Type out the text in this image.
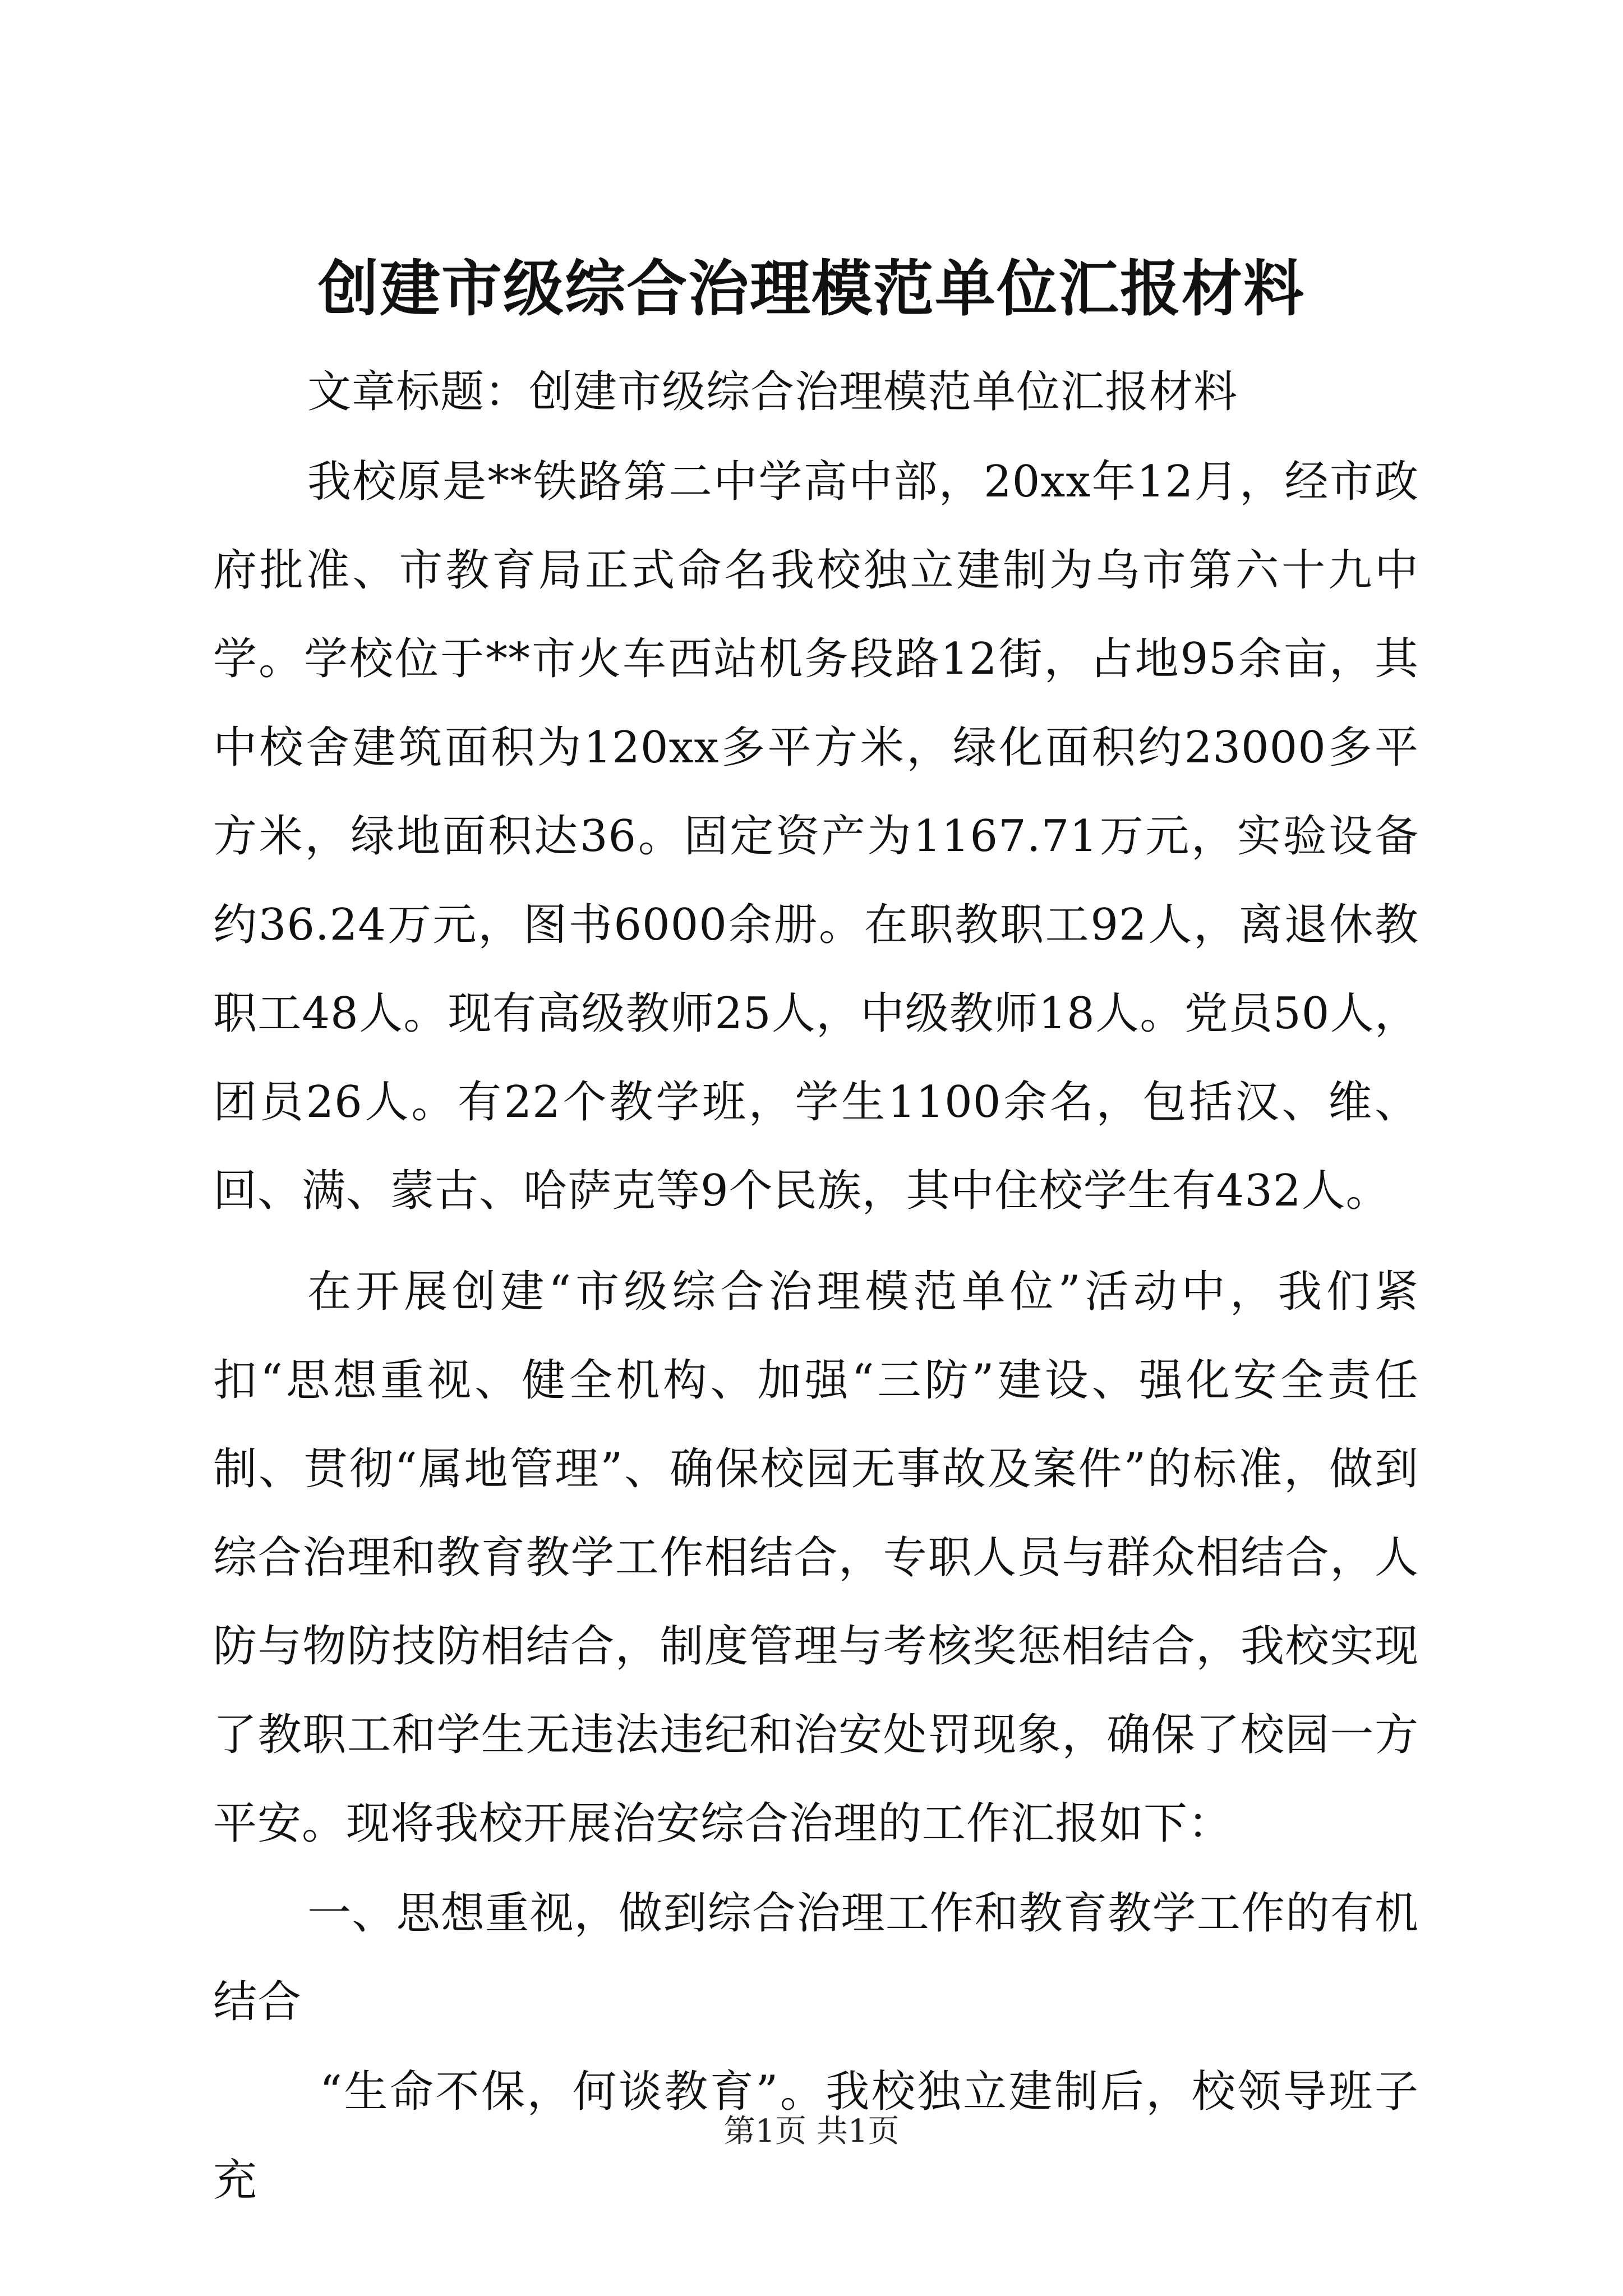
创建市级综合治理模范单位汇报材料

文章标题：创建市级综合治理模范单位汇报材料

我校原是**铁路第二中学高中部，20xx年12月，经市政府批准、市教育局正式命名我校独立建制为乌市第六十九中学。学校位于**市火车西站机务段路12街，占地95余亩，其中校舍建筑面积为120xx多平方米，绿化面积约23000多平方米，绿地面积达36。固定资产为1167.71万元，实验设备约36.24万元，图书6000余册。在职教职工92人，离退休教职工48人。现有高级教师25人，中级教师18人。党员50人，团员26人。有22个教学班，学生1100余名，包括汉、维、回、满、蒙古、哈萨克等9个民族，其中住校学生有432人。

在开展创建“市级综合治理模范单位”活动中，我们紧扣“思想重视、健全机构、加强“三防”建设、强化安全责任制、贯彻“属地管理”、确保校园无事故及案件”的标准，做到综合治理和教育教学工作相结合，专职人员与群众相结合，人防与物防技防相结合，制度管理与考核奖惩相结合，我校实现了教职工和学生无违法违纪和治安处罚现象，确保了校园一方平安。现将我校开展治安综合治理的工作汇报如下：

一、思想重视，做到综合治理工作和教育教学工作的有机结合

“生命不保，何谈教育”。我校独立建制后，校领导班子充

第1页 共1页
